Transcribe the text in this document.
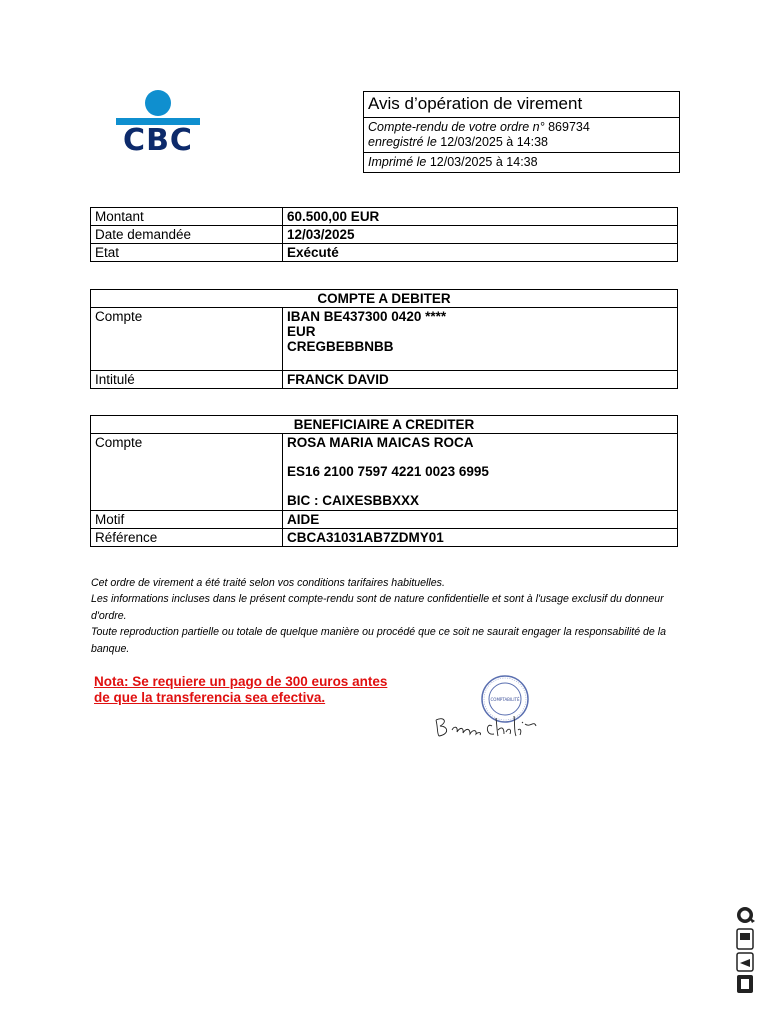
CBC
Avis d’opération de virement
Compte-rendu de votre ordre n° 869734
enregistré le 12/03/2025 à 14:38
Imprimé le 12/03/2025 à 14:38
Montant	60.500,00 EUR
Date demandée	12/03/2025
Etat	Exécuté
COMPTE A DEBITER	
Compte	IBAN BE437300 0420 ****
EUR
CREGBEBBNBB

Intitulé	FRANCK DAVID
BENEFICIAIRE A CREDITER	
Compte	ROSA MARIA MAICAS ROCA
ES16 2100 7597 4221 0023 6995
BIC : CAIXESBBXXX

Motif	AIDE
Référence	CBCA31031AB7ZDMY01

Cet ordre de virement a été traité selon vos conditions tarifaires habituelles.

Les informations incluses dans le présent compte-rendu sont de nature confidentielle et sont à l'usage exclusif du donneur d'ordre.

Toute reproduction partielle ou totale de quelque manière ou procédé que ce soit ne saurait engager la responsabilité de la banque.

Nota: Se requiere un pago de 300 euros antes
de que la transferencia sea efectiva.	COMPTABILITÉ
